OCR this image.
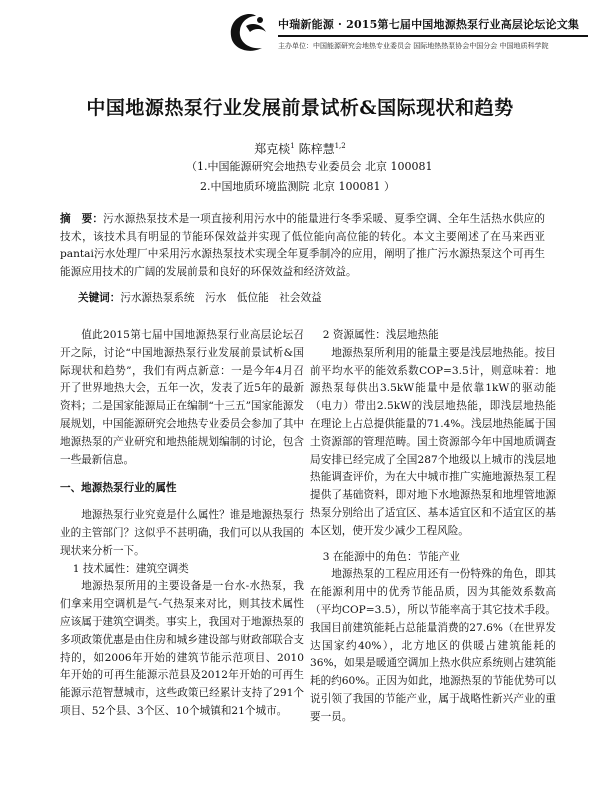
中瑞新能源 · 2015第七届中国地源热泵行业高层论坛论文集
主办单位：中国能源研究会地热专业委员会 国际地热热泵协会中国分会 中国地质科学院
中国地源热泵行业发展前景试析&国际现状和趋势
郑克棪$^1$ 陈梓慧$^{1,2}$
（1.中国能源研究会地热专业委员会 北京 100081
2.中国地质环境监测院 北京 100081 ）
摘　要：污水源热泵技术是一项直接利用污水中的能量进行冬季采暖、夏季空调、全年生活热水供应的技术，该技术具有明显的节能环保效益并实现了低位能向高位能的转化。本文主要阐述了在马来西亚pantai污水处理厂中采用污水源热泵技术实现全年夏季制冷的应用，阐明了推广污水源热泵这个可再生能源应用技术的广阔的发展前景和良好的环保效益和经济效益。
关键词：污水源热泵系统　污水　低位能　社会效益

值此2015第七届中国地源热泵行业高层论坛召开之际，讨论“中国地源热泵行业发展前景试析&国际现状和趋势”，我们有两点新意：一是今年4月召开了世界地热大会，五年一次，发表了近5年的最新资料；二是国家能源局正在编制“十三五”国家能源发展规划，中国能源研究会地热专业委员会参加了其中地源热泵的产业研究和地热能规划编制的讨论，包含一些最新信息。

一、地源热泵行业的属性

地源热泵行业究竟是什么属性？谁是地源热泵行业的主管部门？这似乎不甚明确，我们可以从我国的现状来分析一下。

1 技术属性：建筑空调类

地源热泵所用的主要设备是一台水-水热泵，我们拿来用空调机是气-气热泵来对比，则其技术属性应该属于建筑空调类。事实上，我国对于地源热泵的多项政策优惠是由住房和城乡建设部与财政部联合支持的，如2006年开始的建筑节能示范项目、2010年开始的可再生能源示范县及2012年开始的可再生能源示范智慧城市，这些政策已经累计支持了291个项目、52个县、3个区、10个城镇和21个城市。

2 资源属性：浅层地热能

地源热泵所利用的能量主要是浅层地热能。按目前平均水平的能效系数COP=3.5计，则意味着：地源热泵每供出3.5kW能量中是依靠1kW的驱动能（电力）带出2.5kW的浅层地热能，即浅层地热能在理论上占总提供能量的71.4%。浅层地热能属于国土资源部的管理范畴。国土资源部今年中国地质调查局安排已经完成了全国287个地级以上城市的浅层地热能调查评价，为在大中城市推广实施地源热泵工程提供了基础资料，即对地下水地源热泵和地埋管地源热泵分别给出了适宜区、基本适宜区和不适宜区的基本区划，使开发少减少工程风险。

3 在能源中的角色：节能产业

地源热泵的工程应用还有一份特殊的角色，即其在能源利用中的优秀节能品质，因为其能效系数高（平均COP=3.5），所以节能率高于其它技术手段。我国目前建筑能耗占总能量消费的27.6%（在世界发达国家约40%），北方地区的供暖占建筑能耗的36%，如果是暖通空调加上热水供应系统则占建筑能耗的约60%。正因为如此，地源热泵的节能优势可以说引领了我国的节能产业，属于战略性新兴产业的重要一员。
